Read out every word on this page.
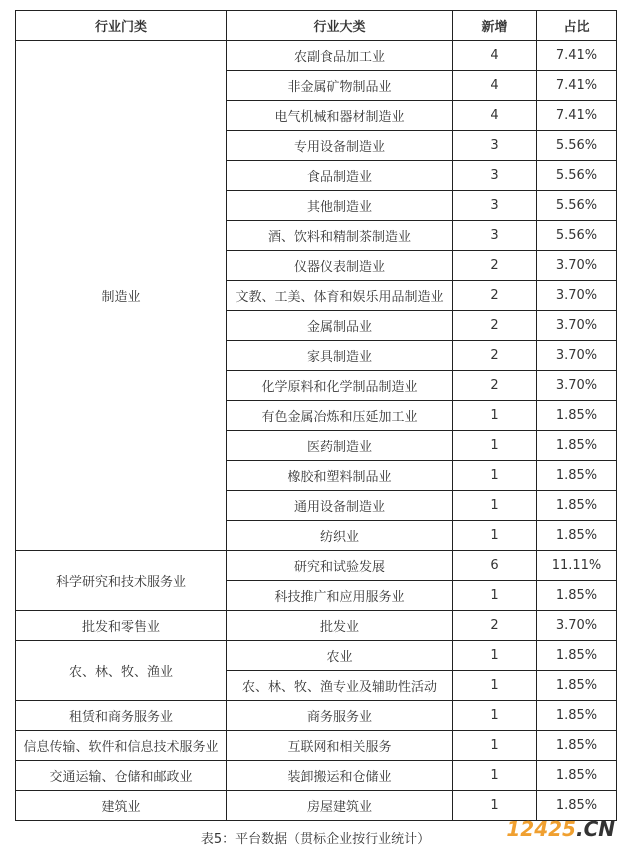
行业门类	行业大类	新增	占比
制造业	农副食品加工业	4	7.41%
	非金属矿物制品业	4	7.41%
	电气机械和器材制造业	4	7.41%
	专用设备制造业	3	5.56%
	食品制造业	3	5.56%
	其他制造业	3	5.56%
	酒、饮料和精制茶制造业	3	5.56%
	仪器仪表制造业	2	3.70%
	文教、工美、体育和娱乐用品制造业	2	3.70%
	金属制品业	2	3.70%
	家具制造业	2	3.70%
	化学原料和化学制品制造业	2	3.70%
	有色金属冶炼和压延加工业	1	1.85%
	医药制造业	1	1.85%
	橡胶和塑料制品业	1	1.85%
	通用设备制造业	1	1.85%
	纺织业	1	1.85%
科学研究和技术服务业	研究和试验发展	6	11.11%
	科技推广和应用服务业	1	1.85%
批发和零售业	批发业	2	3.70%
农、林、牧、渔业	农业	1	1.85%
	农、林、牧、渔专业及辅助性活动	1	1.85%
租赁和商务服务业	商务服务业	1	1.85%
信息传输、软件和信息技术服务业	互联网和相关服务	1	1.85%
交通运输、仓储和邮政业	装卸搬运和仓储业	1	1.85%
建筑业	房屋建筑业	1	1.85%
表5：平台数据（贯标企业按行业统计）	12425.CN
